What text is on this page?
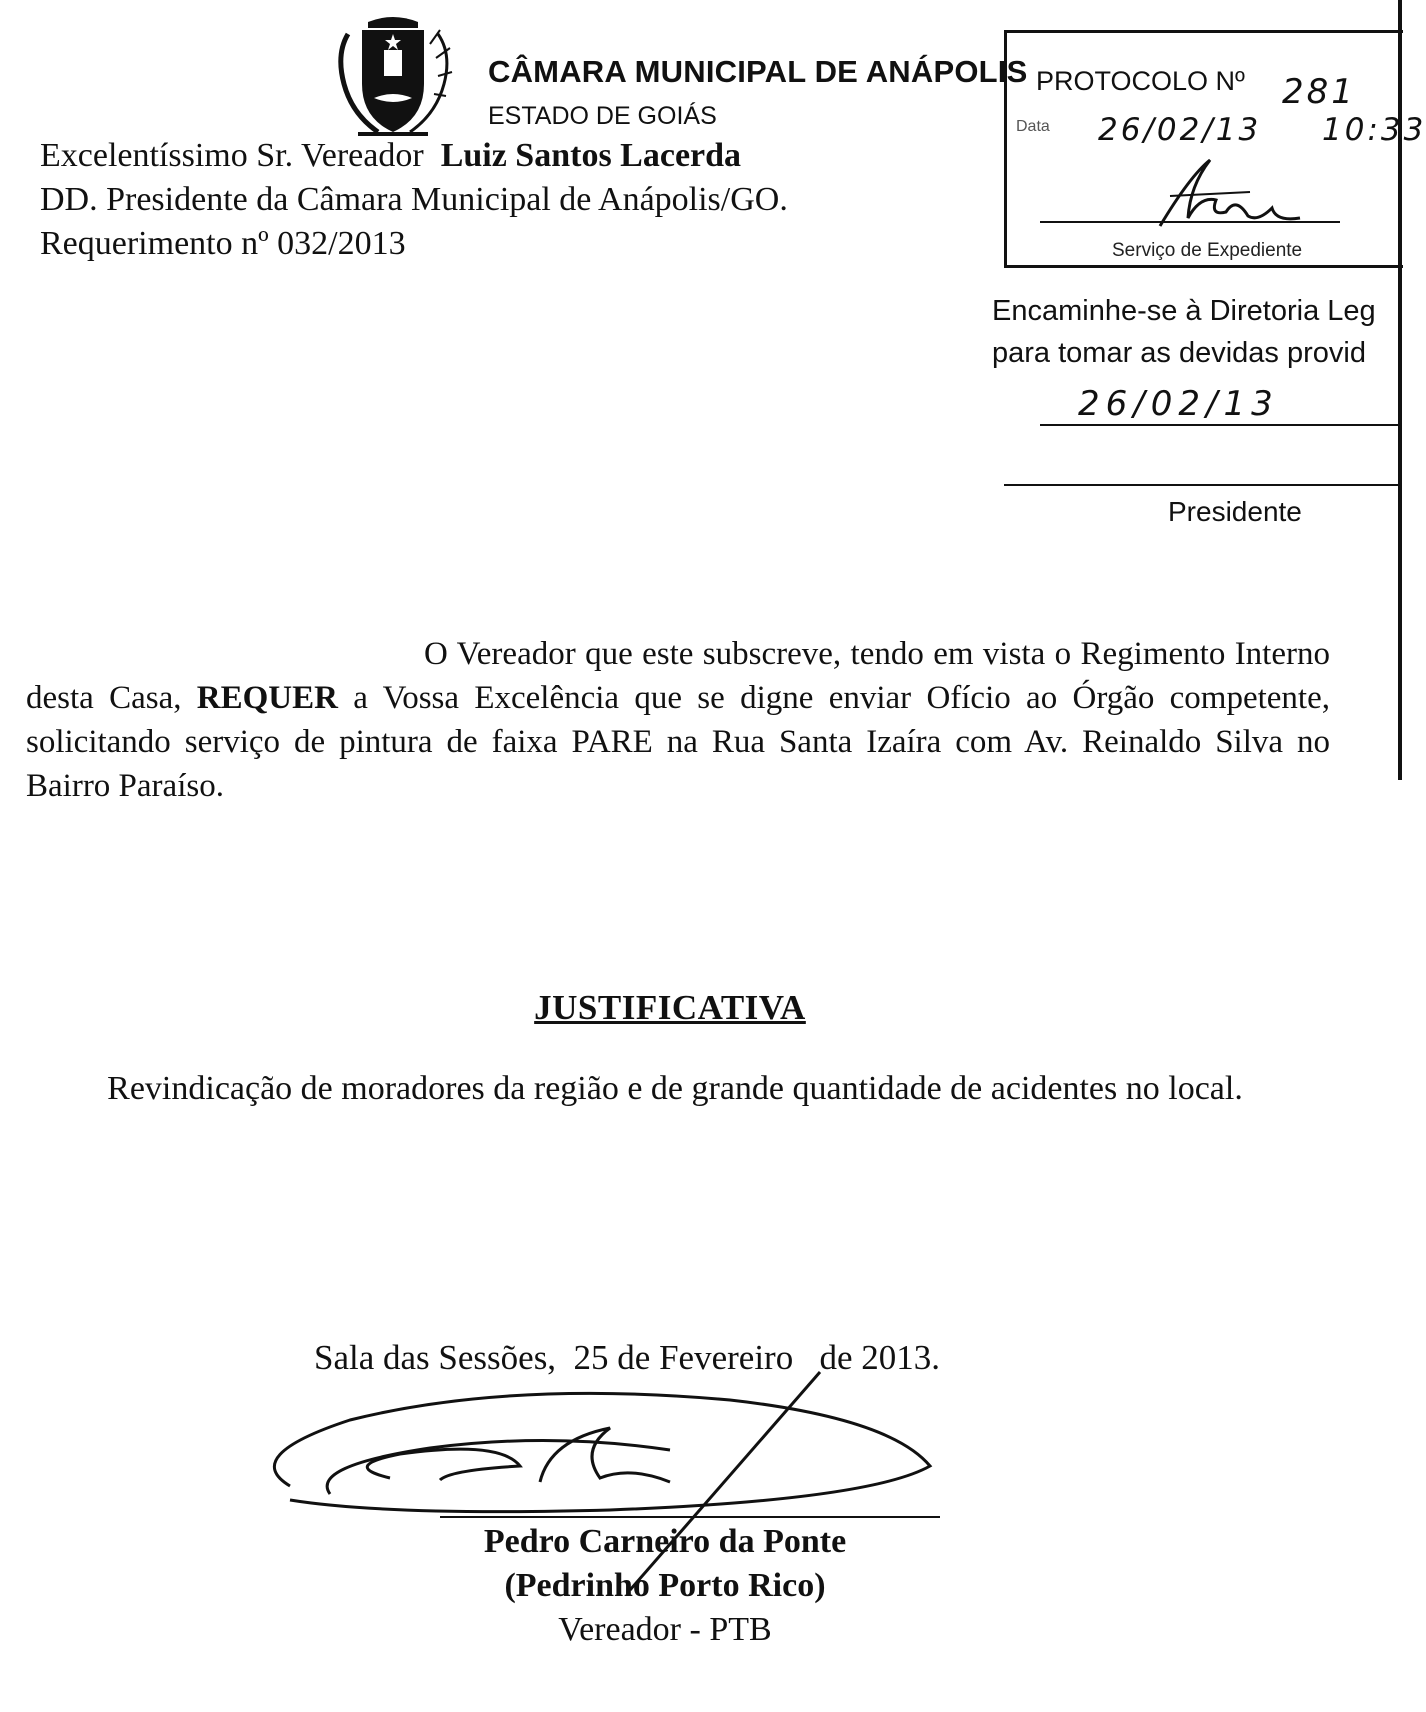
CÂMARA MUNICIPAL DE ANÁPOLIS
ESTADO DE GOIÁS
PROTOCOLO Nº 281
Data 26/02/13 10:33
Serviço de Expediente
Encaminhe-se à Diretoria Leg
para tomar as devidas provid
26/02/13
Presidente
Excelentíssimo Sr. Vereador Luiz Santos Lacerda
DD. Presidente da Câmara Municipal de Anápolis/GO.
Requerimento nº 032/2013
O Vereador que este subscreve, tendo em vista o Regimento Interno desta Casa, REQUER a Vossa Excelência que se digne enviar Ofício ao Órgão competente, solicitando serviço de pintura de faixa PARE na Rua Santa Izaíra com Av. Reinaldo Silva no Bairro Paraíso.
JUSTIFICATIVA
Revindicação de moradores da região e de grande quantidade de acidentes no local.
Sala das Sessões,  25 de Fevereiro   de 2013.
Pedro Carneiro da Ponte
(Pedrinho Porto Rico)
Vereador - PTB
